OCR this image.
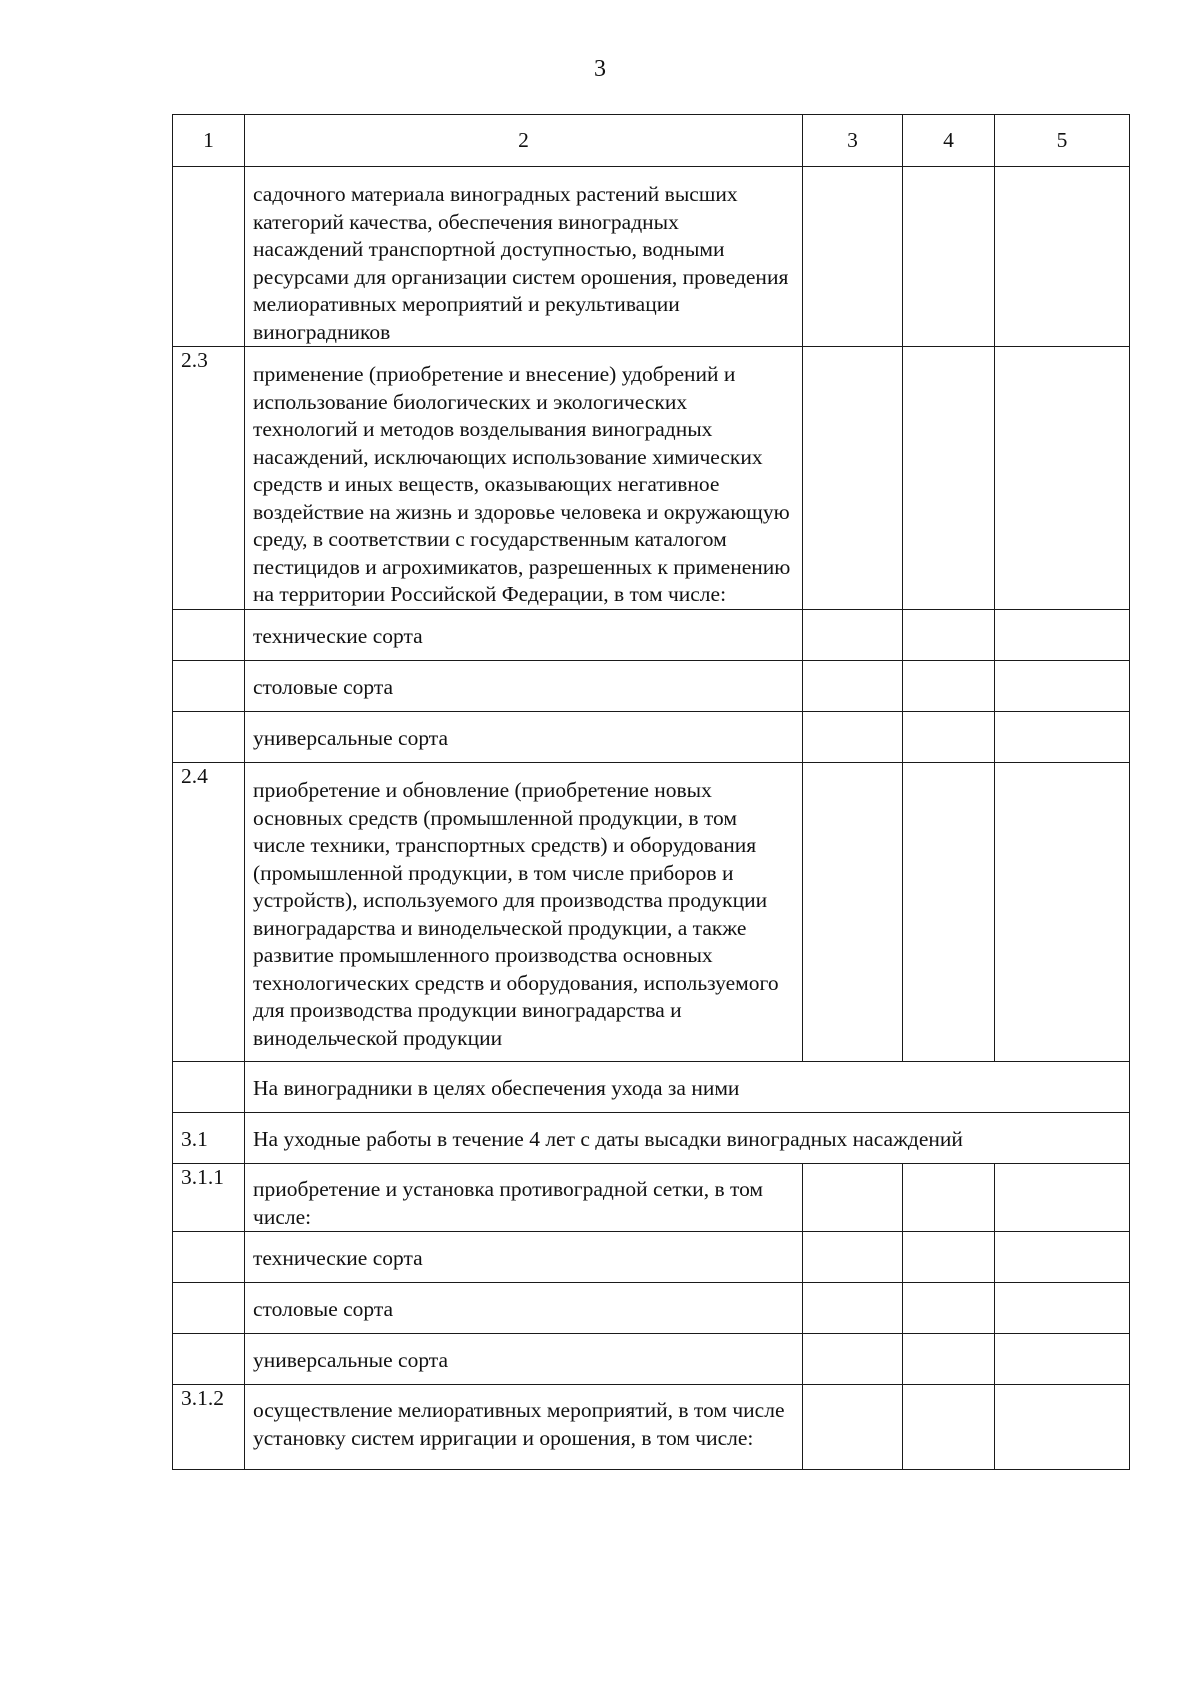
3
1	2	3	4	5
	садочного материала виноградных растений высших категорий качества, обеспечения виноградных насаждений транспортной доступностью, водными ресурсами для организации систем орошения, проведения мелиоративных мероприятий и рекультивации виноградников			
2.3	применение (приобретение и внесение) удобрений и использование биологических и экологических технологий и методов возделывания виноградных насаждений, исключающих использование химических средств и иных веществ, оказывающих негативное воздействие на жизнь и здоровье человека и окружающую среду, в соответствии с государственным каталогом пестицидов и агрохимикатов, разрешенных к применению на территории Российской Федерации, в том числе:			
	технические сорта			
	столовые сорта			
	универсальные сорта			
2.4	приобретение и обновление (приобретение новых основных средств (промышленной продукции, в том числе техники, транспортных средств) и оборудования (промышленной продукции, в том числе приборов и устройств), используемого для производства продукции виноградарства и винодельческой продукции, а также развитие промышленного производства основных технологических средств и оборудования, используемого для производства продукции виноградарства и винодельческой продукции			
	На виноградники в целях обеспечения ухода за ними			
3.1	На уходные работы в течение 4 лет с даты высадки виноградных насаждений			
3.1.1	приобретение и установка противоградной сетки, в том числе:			
	технические сорта			
	столовые сорта			
	универсальные сорта			
3.1.2	осуществление мелиоративных мероприятий, в том числе установку систем ирригации и орошения, в том числе:			
